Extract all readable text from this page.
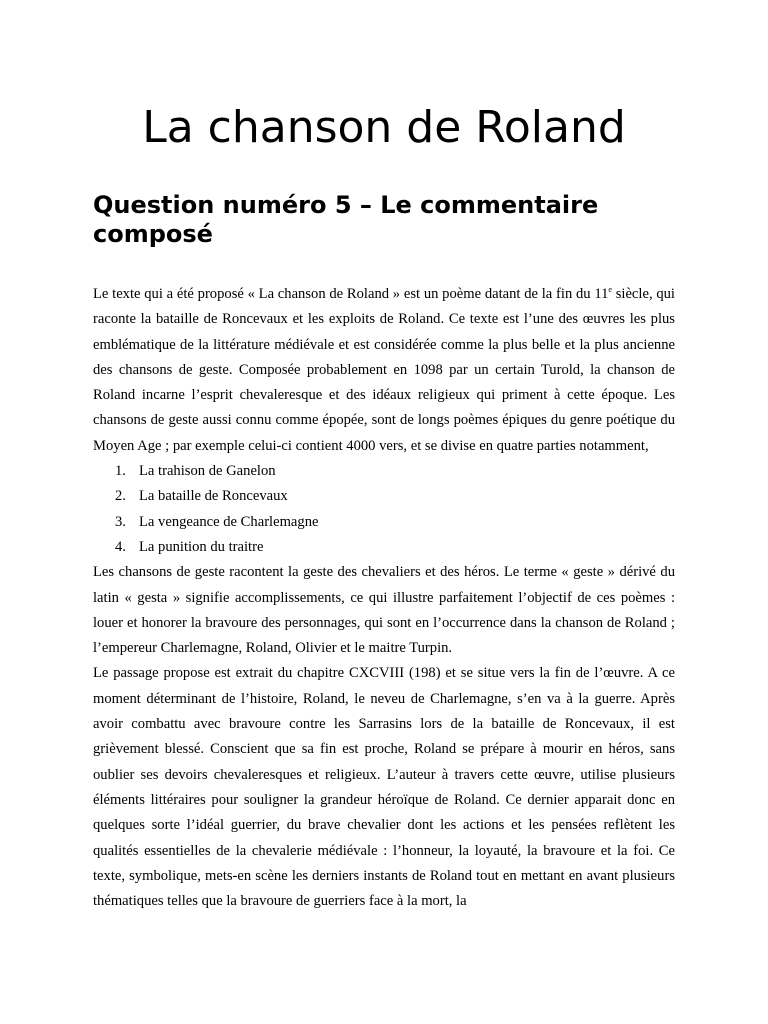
La chanson de Roland
Question numéro 5 – Le commentaire composé

Le texte qui a été proposé « La chanson de Roland » est un poème datant de la fin du 11e siècle, qui raconte la bataille de Roncevaux et les exploits de Roland. Ce texte est l’une des œuvres les plus emblématique de la littérature médiévale et est considérée comme la plus belle et la plus ancienne des chansons de geste. Composée probablement en 1098 par un certain Turold, la chanson de Roland incarne l’esprit chevaleresque et des idéaux religieux qui priment à cette époque. Les chansons de geste aussi connu comme épopée, sont de longs poèmes épiques du genre poétique du Moyen Age ; par exemple celui-ci contient 4000 vers, et se divise en quatre parties notamment,

1. La trahison de Ganelon
2. La bataille de Roncevaux
3. La vengeance de Charlemagne
4. La punition du traitre

Les chansons de geste racontent la geste des chevaliers et des héros. Le terme « geste » dérivé du latin « gesta » signifie accomplissements, ce qui illustre parfaitement l’objectif de ces poèmes : louer et honorer la bravoure des personnages, qui sont en l’occurrence dans la chanson de Roland ; l’empereur Charlemagne, Roland, Olivier et le maitre Turpin.

Le passage propose est extrait du chapitre CXCVIII (198) et se situe vers la fin de l’œuvre. A ce moment déterminant de l’histoire, Roland, le neveu de Charlemagne, s’en va à la guerre. Après avoir combattu avec bravoure contre les Sarrasins lors de la bataille de Roncevaux, il est grièvement blessé. Conscient que sa fin est proche, Roland se prépare à mourir en héros, sans oublier ses devoirs chevaleresques et religieux. L’auteur à travers cette œuvre, utilise plusieurs éléments littéraires pour souligner la grandeur héroïque de Roland. Ce dernier apparait donc en quelques sorte l’idéal guerrier, du brave chevalier dont les actions et les pensées reflètent les qualités essentielles de la chevalerie médiévale : l’honneur, la loyauté, la bravoure et la foi. Ce texte, symbolique, mets-en scène les derniers instants de Roland tout en mettant en avant plusieurs thématiques telles que la bravoure de guerriers face à la mort, la
